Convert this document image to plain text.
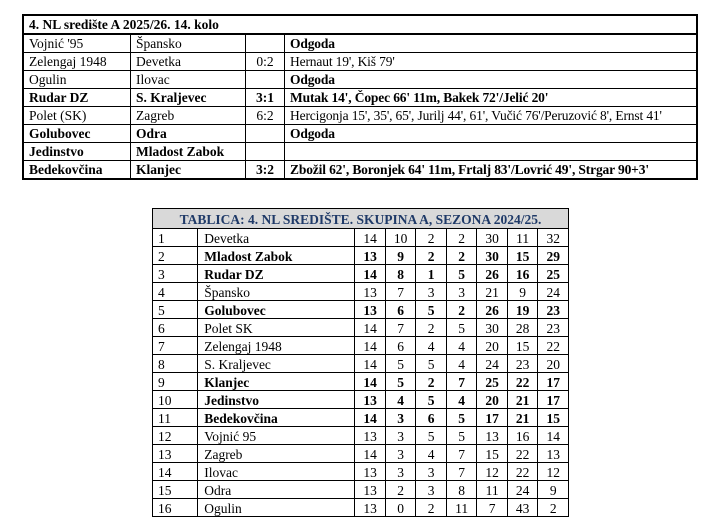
4. NL središte A 2025/26. 14. kolo			
Vojnić '95	Špansko		Odgoda
Zelengaj 1948	Devetka	0:2	Hernaut 19', Kiš 79'
Ogulin	Ilovac		Odgoda
Rudar DZ	S. Kraljevec	3:1	Mutak 14', Čopec 66' 11m, Bakek 72'/Jelić 20'
Polet (SK)	Zagreb	6:2	Hercigonja 15', 35', 65', Jurilj 44', 61', Vučić 76'/Peruzović 8', Ernst 41'
Golubovec	Odra		Odgoda
Jedinstvo	Mladost Zabok		
Bedekovčina	Klanjec	3:2	Zbožil 62', Boronjek 64' 11m, Frtalj 83'/Lovrić 49', Strgar 90+3'
TABLICA: 4. NL SREDIŠTE. SKUPINA A, SEZONA 2024/25.								
1	Devetka	14	10	2	2	30	11	32
2	Mladost Zabok	13	9	2	2	30	15	29
3	Rudar DZ	14	8	1	5	26	16	25
4	Špansko	13	7	3	3	21	9	24
5	Golubovec	13	6	5	2	26	19	23
6	Polet SK	14	7	2	5	30	28	23
7	Zelengaj 1948	14	6	4	4	20	15	22
8	S. Kraljevec	14	5	5	4	24	23	20
9	Klanjec	14	5	2	7	25	22	17
10	Jedinstvo	13	4	5	4	20	21	17
11	Bedekovčina	14	3	6	5	17	21	15
12	Vojnić 95	13	3	5	5	13	16	14
13	Zagreb	14	3	4	7	15	22	13
14	Ilovac	13	3	3	7	12	22	12
15	Odra	13	2	3	8	11	24	9
16	Ogulin	13	0	2	11	7	43	2
